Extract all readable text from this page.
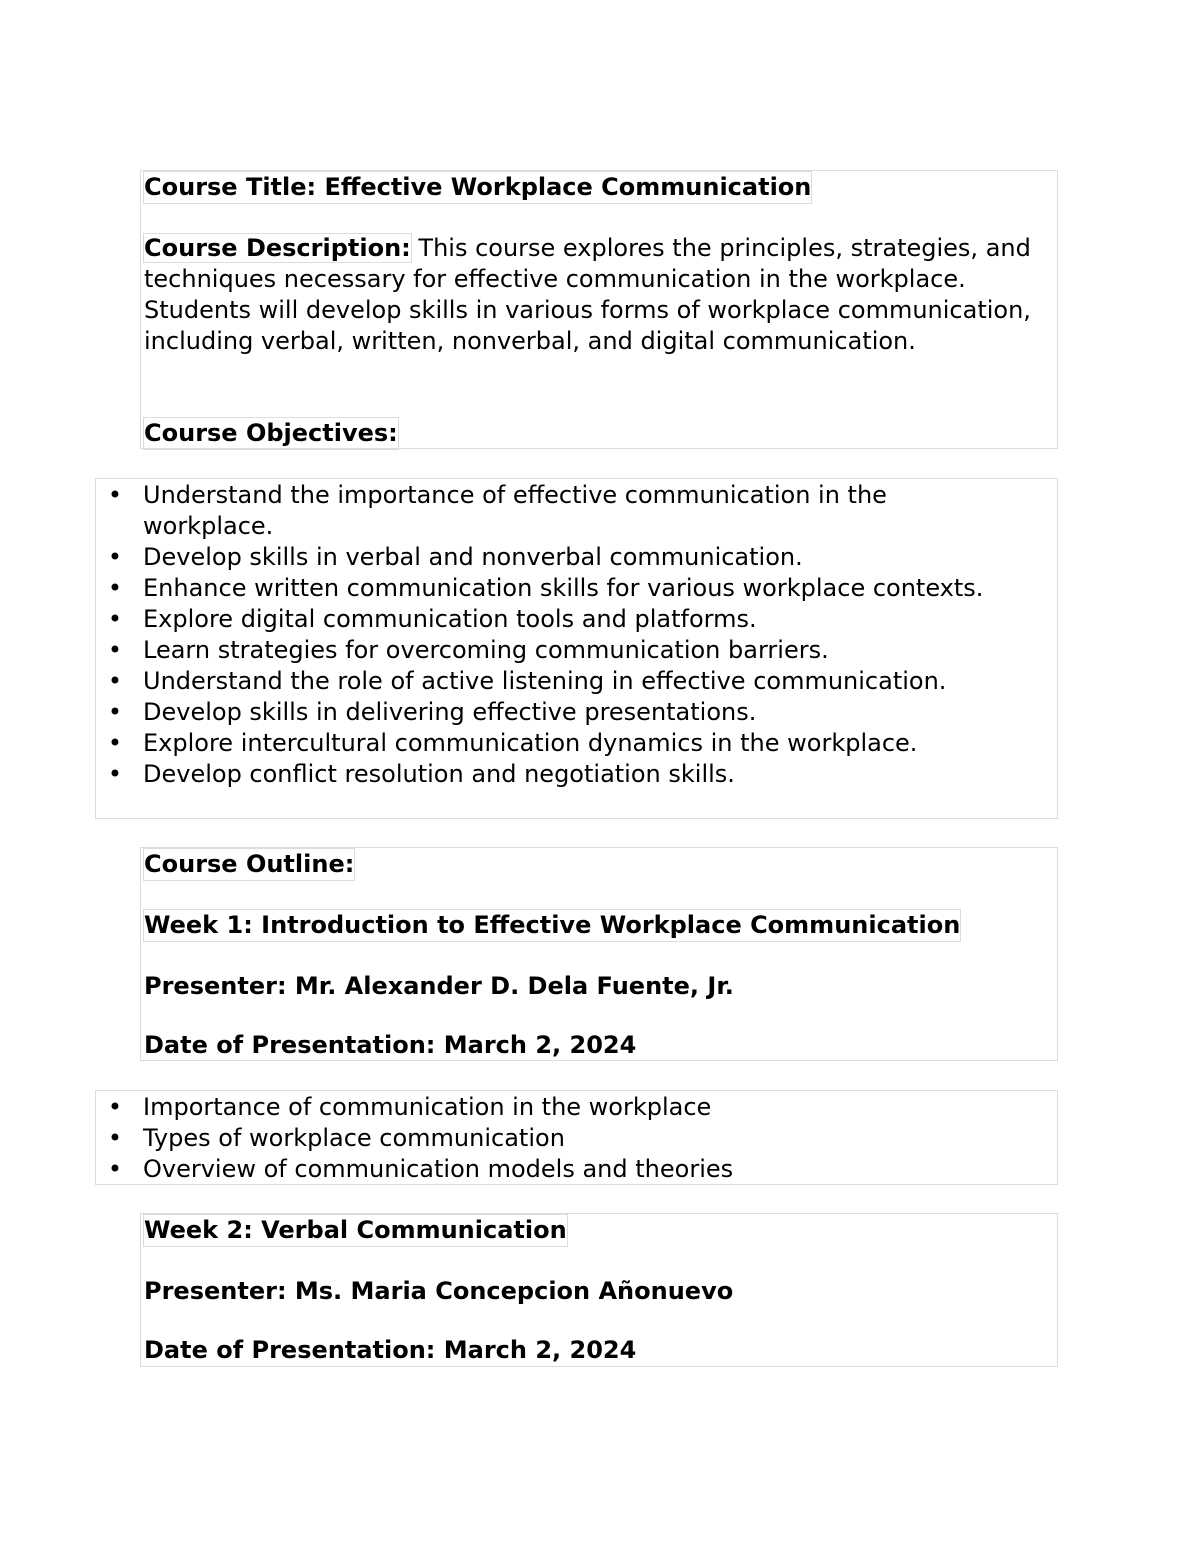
Course Title: Effective Workplace Communication
Course Description: This course explores the principles, strategies, and techniques necessary for effective communication in the workplace. Students will develop skills in various forms of workplace communication, including verbal, written, nonverbal, and digital communication.
Course Objectives:
• Understand the importance of effective communication in the workplace.
• Develop skills in verbal and nonverbal communication.
• Enhance written communication skills for various workplace contexts.
• Explore digital communication tools and platforms.
• Learn strategies for overcoming communication barriers.
• Understand the role of active listening in effective communication.
• Develop skills in delivering effective presentations.
• Explore intercultural communication dynamics in the workplace.
• Develop conflict resolution and negotiation skills.
Course Outline:
Week 1: Introduction to Effective Workplace Communication
Presenter: Mr. Alexander D. Dela Fuente, Jr.
Date of Presentation: March 2, 2024
• Importance of communication in the workplace
• Types of workplace communication
• Overview of communication models and theories
Week 2: Verbal Communication
Presenter: Ms. Maria Concepcion Añonuevo
Date of Presentation: March 2, 2024
